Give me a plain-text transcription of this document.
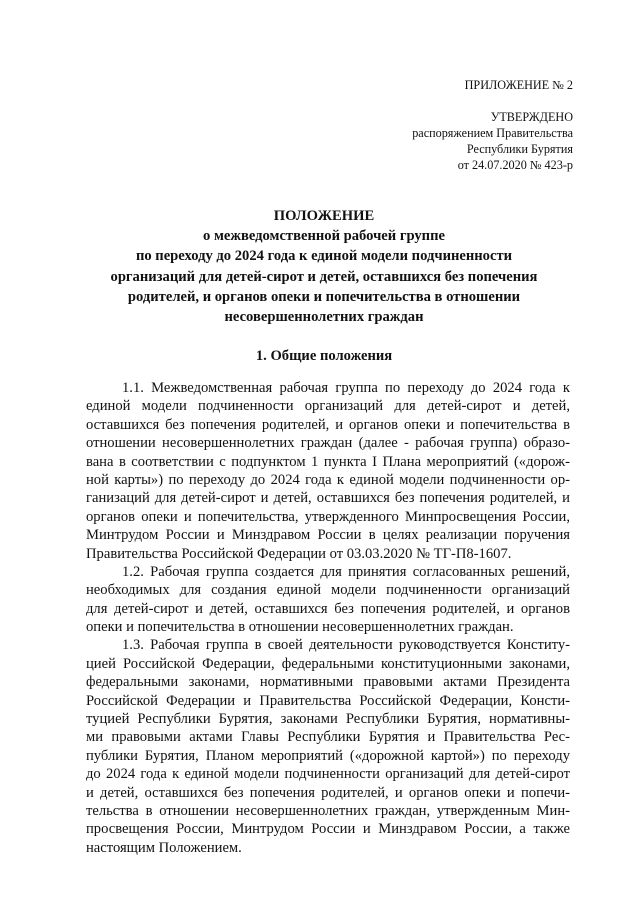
ПРИЛОЖЕНИЕ № 2
УТВЕРЖДЕНО
распоряжением Правительства
Республики Бурятия
от 24.07.2020 № 423-р
ПОЛОЖЕНИЕ
о межведомственной рабочей группе
по переходу до 2024 года к единой модели подчиненности
организаций для детей-сирот и детей, оставшихся без попечения
родителей, и органов опеки и попечительства в отношении
несовершеннолетних граждан
1. Общие положения
1.1. Межведомственная рабочая группа по переходу до 2024 года к
единой модели подчиненности организаций для детей-сирот и детей,
оставшихся без попечения родителей, и органов опеки и попечительства в
отношении несовершеннолетних граждан (далее - рабочая группа) образо-
вана в соответствии с подпунктом 1 пункта I Плана мероприятий («дорож-
ной карты») по переходу до 2024 года к единой модели подчиненности ор-
ганизаций для детей-сирот и детей, оставшихся без попечения родителей, и
органов опеки и попечительства, утвержденного Минпросвещения России,
Минтрудом России и Минздравом России в целях реализации поручения
Правительства Российской Федерации от 03.03.2020 № ТГ-П8-1607.
1.2. Рабочая группа создается для принятия согласованных решений,
необходимых для создания единой модели подчиненности организаций
для детей-сирот и детей, оставшихся без попечения родителей, и органов
опеки и попечительства в отношении несовершеннолетних граждан.
1.3. Рабочая группа в своей деятельности руководствуется Конститу-
цией Российской Федерации, федеральными конституционными законами,
федеральными законами, нормативными правовыми актами Президента
Российской Федерации и Правительства Российской Федерации, Консти-
туцией Республики Бурятия, законами Республики Бурятия, нормативны-
ми правовыми актами Главы Республики Бурятия и Правительства Рес-
публики Бурятия, Планом мероприятий («дорожной картой») по переходу
до 2024 года к единой модели подчиненности организаций для детей-сирот
и детей, оставшихся без попечения родителей, и органов опеки и попечи-
тельства в отношении несовершеннолетних граждан, утвержденным Мин-
просвещения России, Минтрудом России и Минздравом России, а также
настоящим Положением.
